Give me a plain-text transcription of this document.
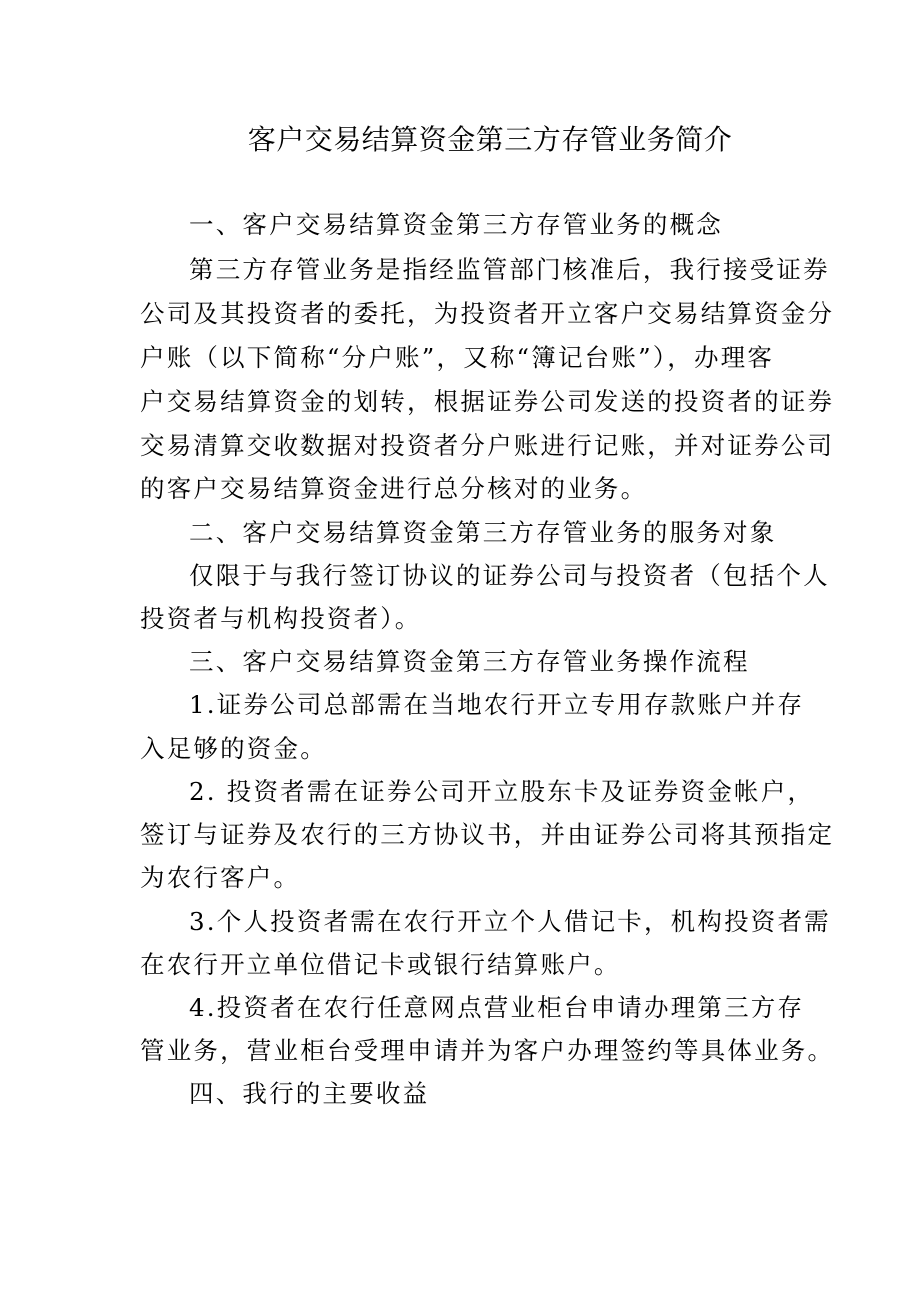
客户交易结算资金第三方存管业务简介
一、客户交易结算资金第三方存管业务的概念
第三方存管业务是指经监管部门核准后，我行接受证券
公司及其投资者的委托，为投资者开立客户交易结算资金分
户账（以下简称“分户账”，又称“簿记台账”），办理客
户交易结算资金的划转，根据证券公司发送的投资者的证券
交易清算交收数据对投资者分户账进行记账，并对证券公司
的客户交易结算资金进行总分核对的业务。
二、客户交易结算资金第三方存管业务的服务对象
仅限于与我行签订协议的证券公司与投资者（包括个人
投资者与机构投资者）。
三、客户交易结算资金第三方存管业务操作流程
1.证券公司总部需在当地农行开立专用存款账户并存
入足够的资金。
2. 投资者需在证券公司开立股东卡及证券资金帐户，
签订与证券及农行的三方协议书，并由证券公司将其预指定
为农行客户。
3.个人投资者需在农行开立个人借记卡，机构投资者需
在农行开立单位借记卡或银行结算账户。
4.投资者在农行任意网点营业柜台申请办理第三方存
管业务，营业柜台受理申请并为客户办理签约等具体业务。
四、我行的主要收益
